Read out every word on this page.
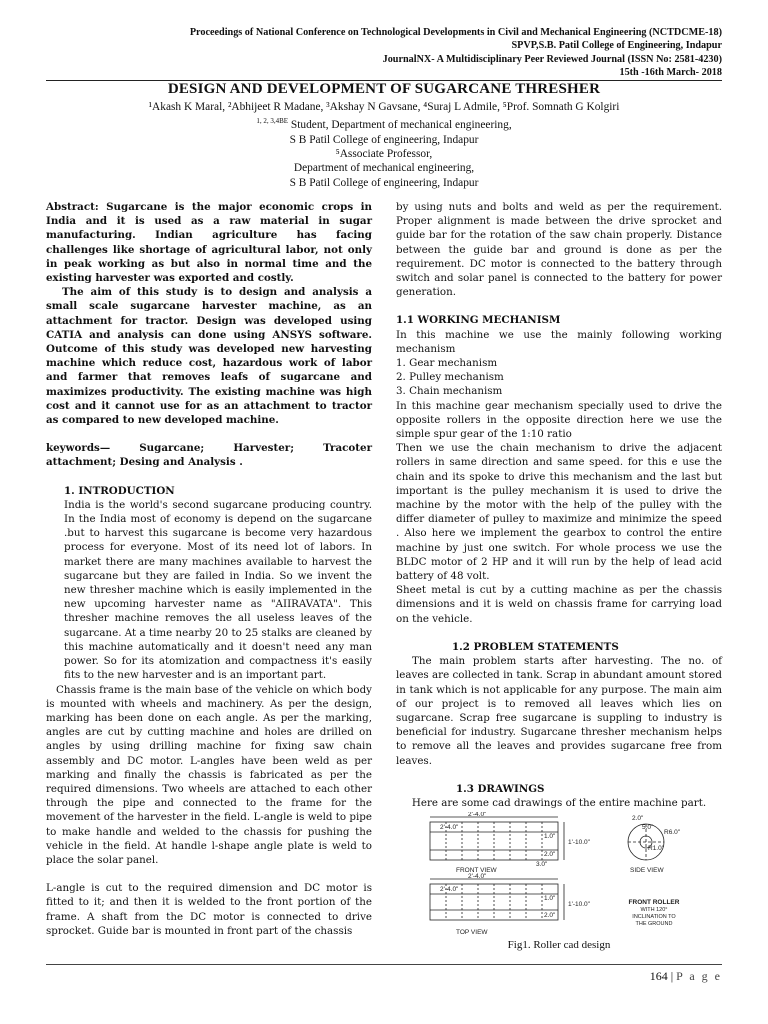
Proceedings of National Conference on Technological Developments in Civil and Mechanical Engineering (NCTDCME-18)
SPVP,S.B. Patil College of Engineering, Indapur
JournalNX- A Multidisciplinary Peer Reviewed Journal (ISSN No: 2581-4230)
15th -16th March- 2018
DESIGN AND DEVELOPMENT OF SUGARCANE THRESHER
¹Akash K Maral, ²Abhijeet R Madane, ³Akshay N Gavsane, ⁴Suraj L Admile, ⁵Prof. Somnath G Kolgiri
$^{1, 2, 3,4BE}$ Student, Department of mechanical engineering,
S B Patil College of engineering, Indapur
⁵Associate Professor,
Department of mechanical engineering,
S B Patil College of engineering, Indapur

Abstract: Sugarcane is the major economic crops in India and it is used as a raw material in sugar manufacturing. Indian agriculture has facing challenges like shortage of agricultural labor, not only in peak working as but also in normal time and the existing harvester was exported and costly.

The aim of this study is to design and analysis a small scale sugarcane harvester machine, as an attachment for tractor. Design was developed using CATIA and analysis can done using ANSYS software. Outcome of this study was developed new harvesting machine which reduce cost, hazardous work of labor and farmer that removes leafs of sugarcane and maximizes productivity. The existing machine was high cost and it cannot use for as an attachment to tractor as compared to new developed machine.

keywords—	Sugarcane;	Harvester;	Tracoter
attachment; Desing and Analysis .
1. INTRODUCTION

India is the world's second sugarcane producing country. In the India most of economy is depend on the sugarcane .but to harvest this sugarcane is become very hazardous process for everyone. Most of its need lot of labors. In market there are many machines available to harvest the sugarcane but they are failed in India. So we invent the new thresher machine which is easily implemented in the new upcoming harvester name as "AIIRAVATA". This thresher machine removes the all useless leaves of the sugarcane. At a time nearby 20 to 25 stalks are cleaned by this machine automatically and it doesn't need any man power. So for its atomization and compactness it's easily fits to the new harvester and is an important part.

Chassis frame is the main base of the vehicle on which body is mounted with wheels and machinery. As per the design, marking has been done on each angle. As per the marking, angles are cut by cutting machine and holes are drilled on angles by using drilling machine for fixing saw chain assembly and DC motor. L-angles have been weld as per marking and finally the chassis is fabricated as per the required dimensions. Two wheels are attached to each other through the pipe and connected to the frame for the movement of the harvester in the field. L-angle is weld to pipe to make handle and welded to the chassis for pushing the vehicle in the field. At handle l-shape angle plate is weld to place the solar panel.

L-angle is cut to the required dimension and DC motor is fitted to it; and then it is welded to the front portion of the frame. A shaft from the DC motor is connected to drive sprocket. Guide bar is mounted in front part of the chassis

by using nuts and bolts and weld as per the requirement. Proper alignment is made between the drive sprocket and guide bar for the rotation of the saw chain properly. Distance between the guide bar and ground is done as per the requirement. DC motor is connected to the battery through switch and solar panel is connected to the battery for power generation.

1.1 WORKING MECHANISM

In this machine we use the mainly following working mechanism

1. Gear mechanism
2. Pulley mechanism
3. Chain mechanism

In this machine gear mechanism specially used to drive the opposite rollers in the opposite direction here we use the simple spur gear of the 1:10 ratio

Then we use the chain mechanism to drive the adjacent rollers in same direction and same speed. for this e use the chain and its spoke to drive this mechanism and the last but important is the pulley mechanism it is used to drive the machine by the motor with the help of the pulley with the differ diameter of pulley to maximize and minimize the speed . Also here we implement the gearbox to control the entire machine by just one switch. For whole process we use the BLDC motor of 2 HP and it will run by the help of lead acid battery of 48 volt.

Sheet metal is cut by a cutting machine as per the chassis dimensions and it is weld on chassis frame for carrying load on the vehicle.

1.2 PROBLEM STATEMENTS

The main problem starts after harvesting. The no. of leaves are collected in tank. Scrap in abundant amount stored in tank which is not applicable for any purpose. The main aim of our project is to removed all leaves which lies on sugarcane. Scrap free sugarcane is suppling to industry is beneficial for industry. Sugarcane thresher mechanism helps to remove all the leaves and provides sugarcane free from leaves.

1.3 DRAWINGS
Here are some cad drawings of the entire machine part.
2'-4.0"
2'-4.0"
1.0"
1'-10.0"
2.0"
3.0"
FRONT VIEW
2'-4.0"
2'-4.0"
1.0"
1'-10.0"
2.0"
TOP VIEW
2.0"
5.0"
R6.0"
R1.0"
SIDE VIEW
FRONT ROLLER
WITH 120°
INCLINATION TO
THE GROUND
Fig1. Roller cad design
164 | P a g e
